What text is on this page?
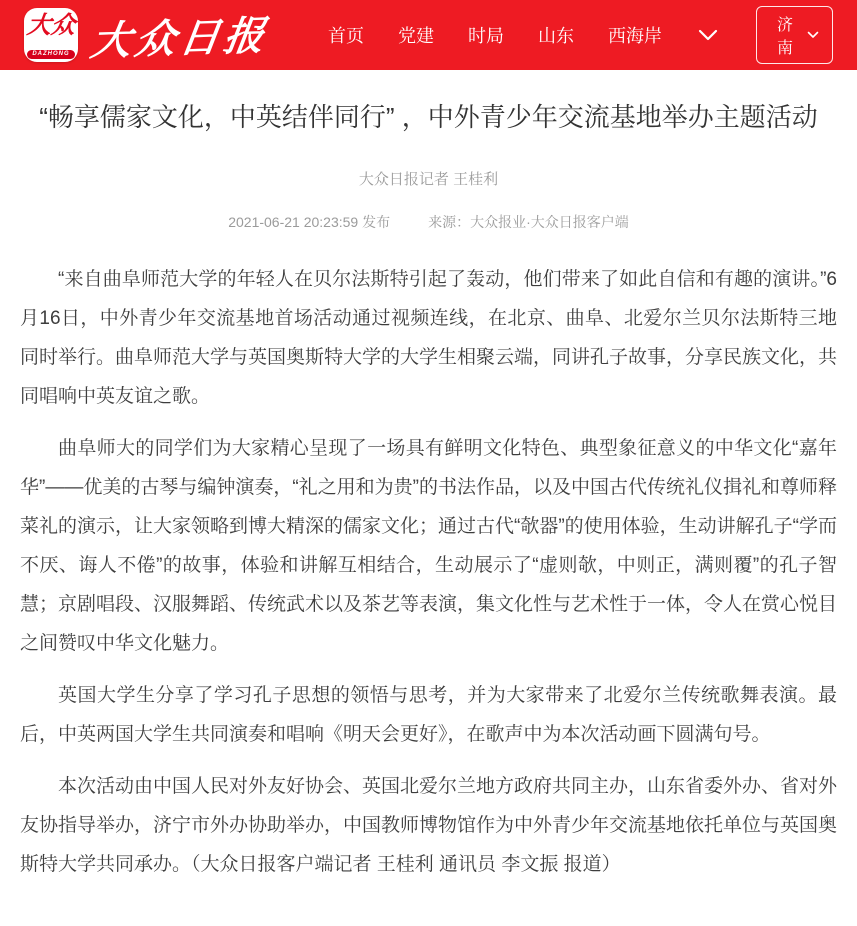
大众
DAZHONG 大众日报	首页 党建 时局 山东 西海岸
济南
“畅享儒家文化，中英结伴同行” ，中外青少年交流基地举办主题活动
大众日报记者 王桂利
2021-06-21 20:23:59 发布	来源：大众报业·大众日报客户端

“来自曲阜师范大学的年轻人在贝尔法斯特引起了轰动，他们带来了如此自信和有趣的演讲。”6月16日，中外青少年交流基地首场活动通过视频连线，在北京、曲阜、北爱尔兰贝尔法斯特三地同时举行。曲阜师范大学与英国奥斯特大学的大学生相聚云端，同讲孔子故事，分享民族文化，共同唱响中英友谊之歌。

曲阜师大的同学们为大家精心呈现了一场具有鲜明文化特色、典型象征意义的中华文化“嘉年华”——优美的古琴与编钟演奏，“礼之用和为贵”的书法作品，以及中国古代传统礼仪揖礼和尊师释菜礼的演示，让大家领略到博大精深的儒家文化；通过古代“欹器”的使用体验，生动讲解孔子“学而不厌、诲人不倦”的故事，体验和讲解互相结合，生动展示了“虚则欹，中则正，满则覆”的孔子智慧；京剧唱段、汉服舞蹈、传统武术以及茶艺等表演，集文化性与艺术性于一体，令人在赏心悦目之间赞叹中华文化魅力。

英国大学生分享了学习孔子思想的领悟与思考，并为大家带来了北爱尔兰传统歌舞表演。最后，中英两国大学生共同演奏和唱响《明天会更好》，在歌声中为本次活动画下圆满句号。

本次活动由中国人民对外友好协会、英国北爱尔兰地方政府共同主办，山东省委外办、省对外友协指导举办，济宁市外办协助举办，中国教师博物馆作为中外青少年交流基地依托单位与英国奥斯特大学共同承办。（大众日报客户端记者 王桂利 通讯员 李文振 报道）
